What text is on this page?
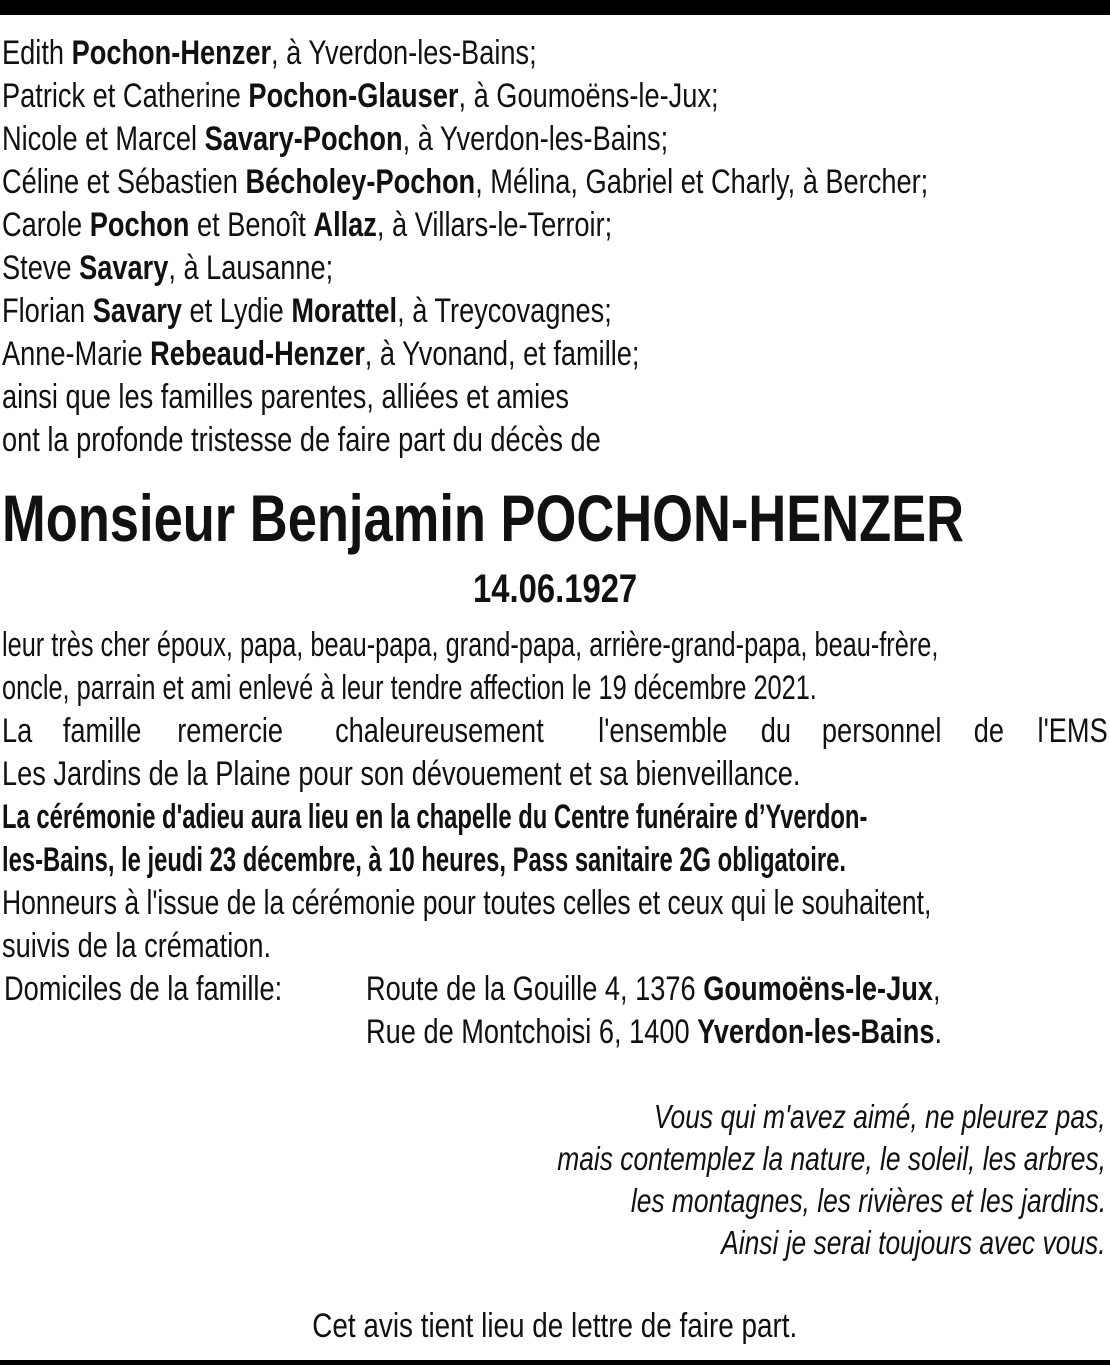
Edith Pochon-Henzer, à Yverdon-les-Bains;
Patrick et Catherine Pochon-Glauser, à Goumoëns-le-Jux;
Nicole et Marcel Savary-Pochon, à Yverdon-les-Bains;
Céline et Sébastien Bécholey-Pochon, Mélina, Gabriel et Charly, à Bercher;
Carole Pochon et Benoît Allaz, à Villars-le-Terroir;
Steve Savary, à Lausanne;
Florian Savary et Lydie Morattel, à Treycovagnes;
Anne-Marie Rebeaud-Henzer, à Yvonand, et famille;
ainsi que les familles parentes, alliées et amies
ont la profonde tristesse de faire part du décès de
Monsieur Benjamin POCHON-HENZER
14.06.1927
leur très cher époux, papa, beau-papa, grand-papa, arrière-grand-papa, beau-frère,
oncle, parrain et ami enlevé à leur tendre affection le 19 décembre 2021.
La famille remercie chaleureusement l'ensemble du personnel de l'EMS
Les Jardins de la Plaine pour son dévouement et sa bienveillance.
La cérémonie d'adieu aura lieu en la chapelle du Centre funéraire d’Yverdon-
les-Bains, le jeudi 23 décembre, à 10 heures, Pass sanitaire 2G obligatoire.
Honneurs à l'issue de la cérémonie pour toutes celles et ceux qui le souhaitent,
suivis de la crémation.
Domiciles de la famille:	Route de la Gouille 4, 1376 Goumoëns-le-Jux,
Rue de Montchoisi 6, 1400 Yverdon-les-Bains.
Vous qui m'avez aimé, ne pleurez pas,
mais contemplez la nature, le soleil, les arbres,
les montagnes, les rivières et les jardins.
Ainsi je serai toujours avec vous.
Cet avis tient lieu de lettre de faire part.
